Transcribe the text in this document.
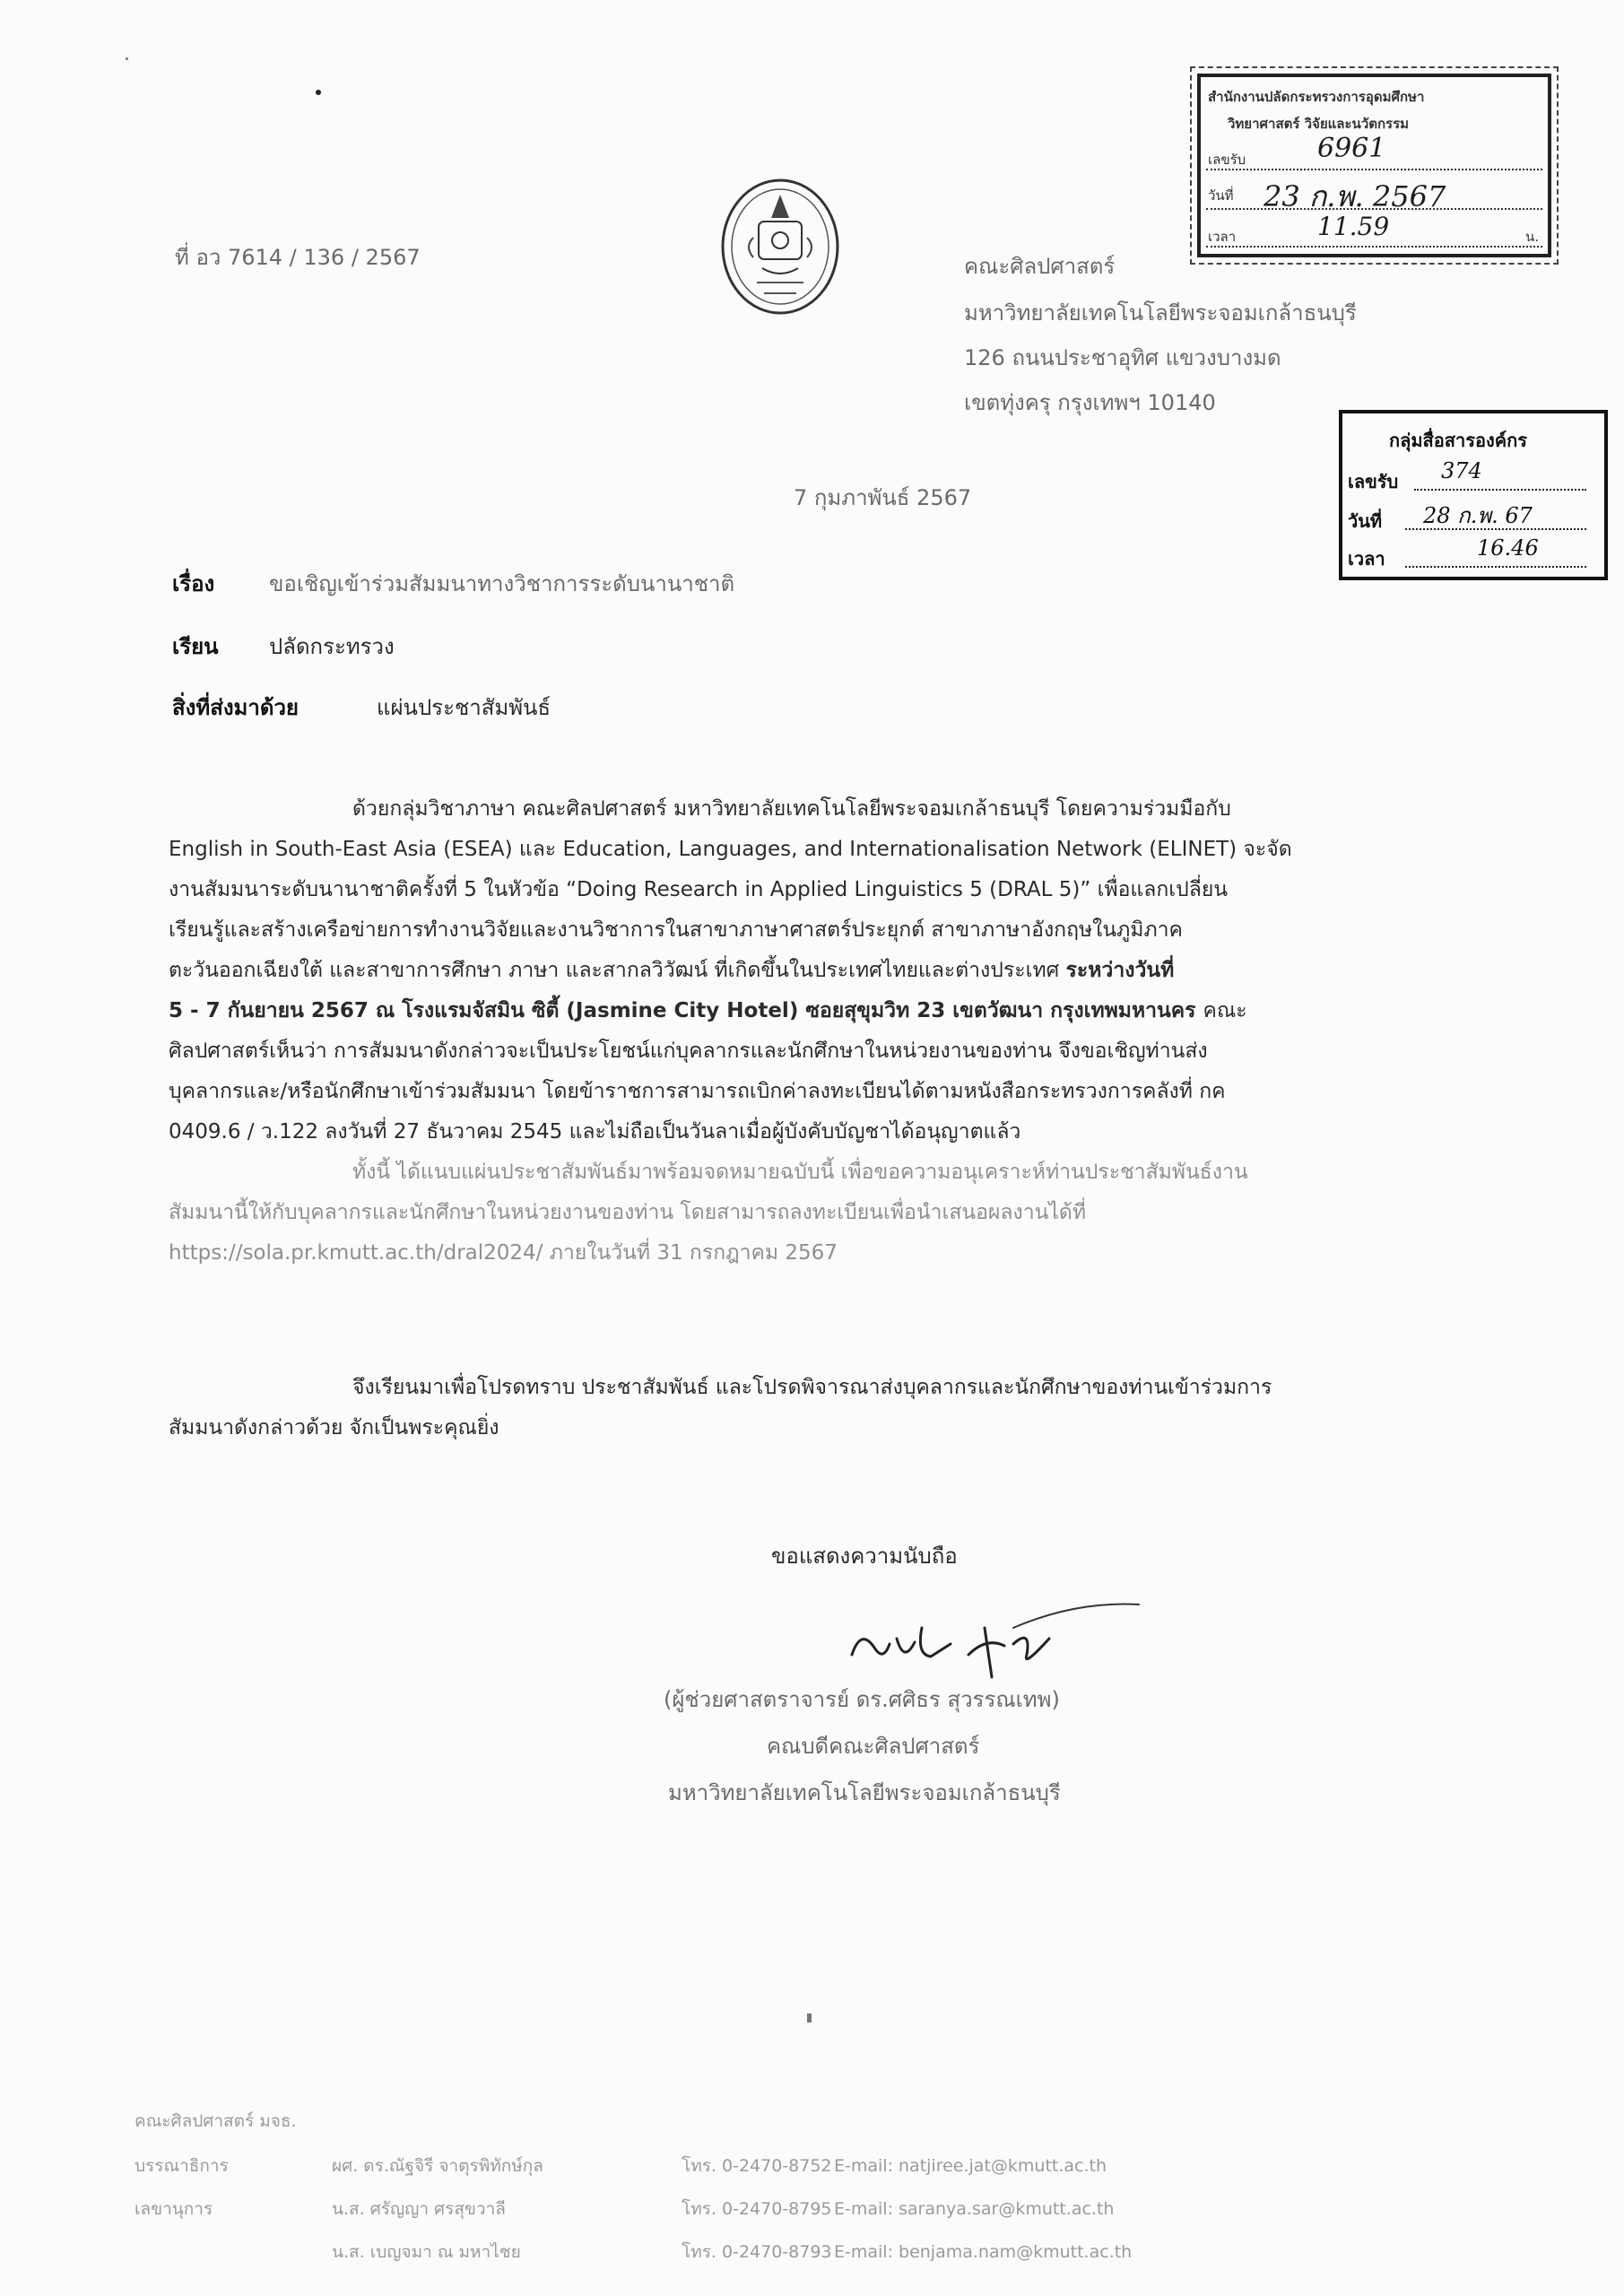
ที่ อว 7614 / 136 / 2567
สำนักงานปลัดกระทรวงการอุดมศึกษา
วิทยาศาสตร์ วิจัยและนวัตกรรม
เลขรับ	6961
วันที่ 23 ก.พ. 2567
เวลา	11.59	น.
คณะศิลปศาสตร์
มหาวิทยาลัยเทคโนโลยีพระจอมเกล้าธนบุรี
126 ถนนประชาอุทิศ แขวงบางมด
เขตทุ่งครุ กรุงเทพฯ 10140
กลุ่มสื่อสารองค์กร
เลขรับ 374
วันที่ 28 ก.พ. 67
เวลา	16.46
7 กุมภาพันธ์ 2567
เรื่อง	ขอเชิญเข้าร่วมสัมมนาทางวิชาการระดับนานาชาติ
เรียน ปลัดกระทรวง
สิ่งที่ส่งมาด้วย	แผ่นประชาสัมพันธ์
ด้วยกลุ่มวิชาภาษา คณะศิลปศาสตร์ มหาวิทยาลัยเทคโนโลยีพระจอมเกล้าธนบุรี โดยความร่วมมือกับ
English in South-East Asia (ESEA) และ Education, Languages, and Internationalisation Network (ELINET) จะจัด
งานสัมมนาระดับนานาชาติครั้งที่ 5 ในหัวข้อ “Doing Research in Applied Linguistics 5 (DRAL 5)” เพื่อแลกเปลี่ยน
เรียนรู้และสร้างเครือข่ายการทำงานวิจัยและงานวิชาการในสาขาภาษาศาสตร์ประยุกต์ สาขาภาษาอังกฤษในภูมิภาค
ตะวันออกเฉียงใต้ และสาขาการศึกษา ภาษา และสากลวิวัฒน์ ที่เกิดขึ้นในประเทศไทยและต่างประเทศ ระหว่างวันที่
5 - 7 กันยายน 2567 ณ โรงแรมจัสมิน ซิตี้ (Jasmine City Hotel) ซอยสุขุมวิท 23 เขตวัฒนา กรุงเทพมหานคร คณะ
ศิลปศาสตร์เห็นว่า การสัมมนาดังกล่าวจะเป็นประโยชน์แก่บุคลากรและนักศึกษาในหน่วยงานของท่าน จึงขอเชิญท่านส่ง
บุคลากรและ/หรือนักศึกษาเข้าร่วมสัมมนา โดยข้าราชการสามารถเบิกค่าลงทะเบียนได้ตามหนังสือกระทรวงการคลังที่ กค
0409.6 / ว.122 ลงวันที่ 27 ธันวาคม 2545 และไม่ถือเป็นวันลาเมื่อผู้บังคับบัญชาได้อนุญาตแล้ว
ทั้งนี้ ได้แนบแผ่นประชาสัมพันธ์มาพร้อมจดหมายฉบับนี้ เพื่อขอความอนุเคราะห์ท่านประชาสัมพันธ์งาน
สัมมนานี้ให้กับบุคลากรและนักศึกษาในหน่วยงานของท่าน โดยสามารถลงทะเบียนเพื่อนำเสนอผลงานได้ที่
https://sola.pr.kmutt.ac.th/dral2024/ ภายในวันที่ 31 กรกฎาคม 2567
จึงเรียนมาเพื่อโปรดทราบ ประชาสัมพันธ์ และโปรดพิจารณาส่งบุคลากรและนักศึกษาของท่านเข้าร่วมการ
สัมมนาดังกล่าวด้วย จักเป็นพระคุณยิ่ง
ขอแสดงความนับถือ
(ผู้ช่วยศาสตราจารย์ ดร.ศศิธร สุวรรณเทพ)
คณบดีคณะศิลปศาสตร์
มหาวิทยาลัยเทคโนโลยีพระจอมเกล้าธนบุรี
คณะศิลปศาสตร์ มจธ.
บรรณาธิการ	ผศ. ดร.ณัฐจิรี จาตุรพิทักษ์กุล	โทร. 0-2470-8752 E-mail: natjiree.jat@kmutt.ac.th
เลขานุการ	น.ส. ศรัญญา ศรสุขวาลี	โทร. 0-2470-8795 E-mail: saranya.sar@kmutt.ac.th
น.ส. เบญจมา ณ มหาไชย	โทร. 0-2470-8793 E-mail: benjama.nam@kmutt.ac.th
